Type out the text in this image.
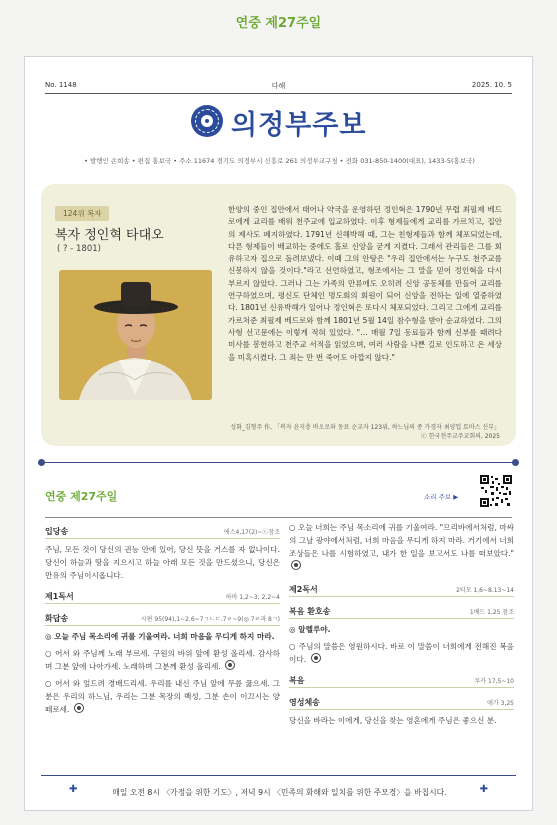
연중 제27주일
No. 1148	다해	2025. 10. 5
의정부주보
• 발행인 손희송 • 편집 홍보국 • 주소 11674 경기도 의정부시 신흥로 261 의정부교구청 • 전화 031-850-1400(대표), 1433-5(홍보국)
124위 복자
복자 정인혁 타대오
( ? - 1801)
한양의 중인 집안에서 태어나 약국을 운영하던 정인혁은 1790년 무렵 최필제 베드로에게 교리를 배워 천주교에 입교하였다. 이후 형제들에게 교리를 가르치고, 집안의 제사도 폐지하였다. 1791년 신해박해 때, 그는 친형제들과 함께 체포되었는데, 다른 형제들이 배교하는 중에도 홀로 신앙을 굳게 지켰다. 그래서 관리들은 그를 회유하고자 집으로 돌려보냈다. 이때 그의 안탕은 "우리 집안에서는 누구도 천주교를 신봉하지 않을 것이다."라고 선언하였고, 형조에서는 그 말을 믿어 정인혁을 다시 부르지 않았다. 그러나 그는 가족의 만류에도 오히려 신앙 공동체를 만들어 교리를 연구하였으며, 평신도 단체인 명도회의 회원이 되어 신앙을 전하는 일에 열중하였다. 1801년 신유박해가 일어나 정인혁은 또다시 체포되었다. 그리고 그에게 교리를 가르쳐준 최필제 베드로와 함께 1801년 5월 14일 참수형을 받아 순교하였다. 그의 사형 선고문에는 이렇게 적혀 있었다. "… 매월 7일 동료들과 함께 신부를 때려다 미사를 봉헌하고 천주교 서적을 읽었으며, 여러 사람을 나쁜 길로 인도하고 온 세상을 미혹시켰다. 그 죄는 만 번 죽어도 아깝지 않다."
성화_김형주 作, 「복자 윤지충 바오로와 동료 순교자 123위, 하느님의 종 가경자 최양업 토마스 신부」
ⓒ 한국천주교주교회의, 2025
연중 제27주일	소리 주보 ▶
입당송	에스4,17(2)~ⓒ참조

주님, 모든 것이 당신의 권능 안에 있어, 당신 뜻을 거스를 자 없나이다. 당신이 하늘과 땅을 지으시고 하늘 아래 모든 것을 만드셨으니, 당신은 만유의 주님이시옵니다.

제1독서	하바 1,2~3; 2,2~4
화답송	시편 95(94),1~2.6~7ㄱㄴㄷ.7ㄹ~9(◎ 7ㄹ과 8ㄱ)

◎ 오늘 주님 목소리에 귀를 기울여라. 너희 마음을 무디게 하지 마라.

○ 어서 와 주님께 노래 부르세. 구원의 바위 앞에 환성 올리세. 감사하며 그분 앞에 나아가세. 노래하며 그분께 환성 올리세.

○ 어서 와 엎드려 경배드리세. 우리를 내신 주님 앞에 무릎 꿇으세. 그분은 우리의 하느님, 우리는 그분 목장의 백성, 그분 손이 이끄시는 양 떼로세.

○ 오늘 너희는 주님 목소리에 귀를 기울여라. "므리바에서처럼, 마싸의 그날 광야에서처럼, 너희 마음을 무디게 하지 마라. 거기에서 너희 조상들은 나를 시험하였고, 내가 한 일을 보고서도 나를 떠보았다."

제2독서	2티모 1,6~8.13~14
복음 환호송	1베드 1,25 참조

◎ 알렐루야.

○ 주님의 말씀은 영원하시다. 바로 이 말씀이 너희에게 전해진 복음이다.

복음	루카 17,5~10
영성체송	애가 3,25

당신을 바라는 이에게, 당신을 찾는 영혼에게 주님은 좋으신 분.

✚	매일 오전 8시 〈가정을 위한 기도〉, 저녁 9시 〈민족의 화해와 일치를 위한 주모경〉을 바칩시다.	✚
